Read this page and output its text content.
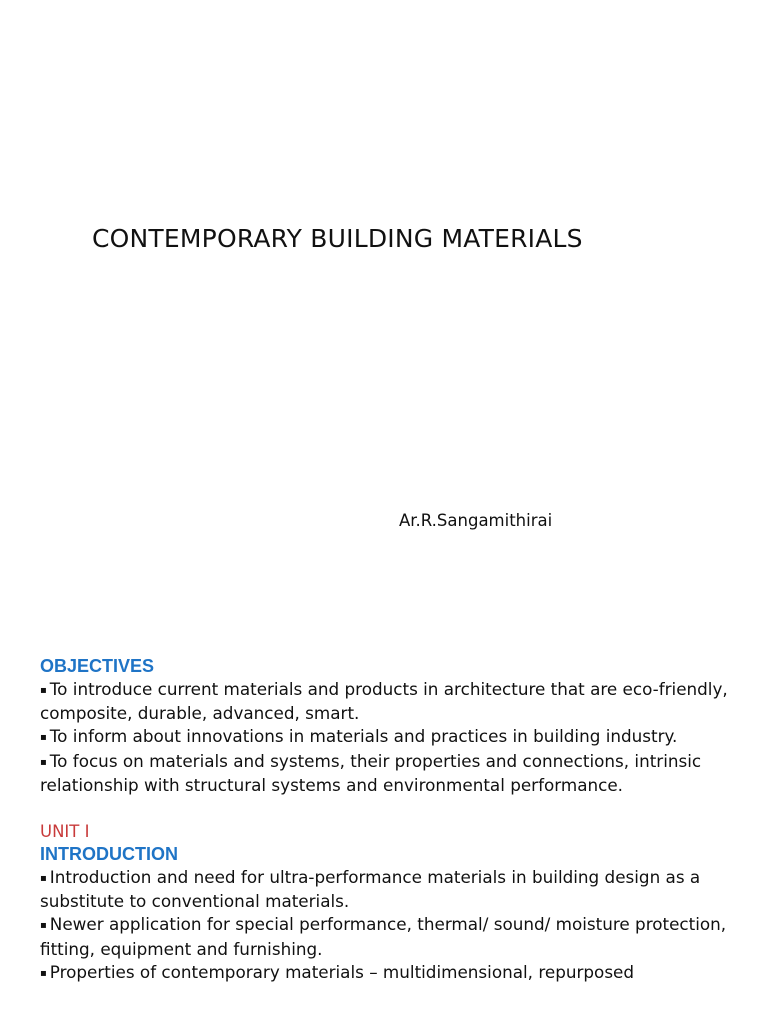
CONTEMPORARY BUILDING MATERIALS
Ar.R.Sangamithirai
OBJECTIVES

▪ To introduce current materials and products in architecture that are eco-friendly, composite, durable, advanced, smart.

▪ To inform about innovations in materials and practices in building industry.

▪ To focus on materials and systems, their properties and connections, intrinsic relationship with structural systems and environmental performance.

UNIT I
INTRODUCTION

▪ Introduction and need for ultra-performance materials in building design as a substitute to conventional materials.

▪ Newer application for special performance, thermal/ sound/ moisture protection, fitting, equipment and furnishing.

▪ Properties of contemporary materials – multidimensional, repurposed
